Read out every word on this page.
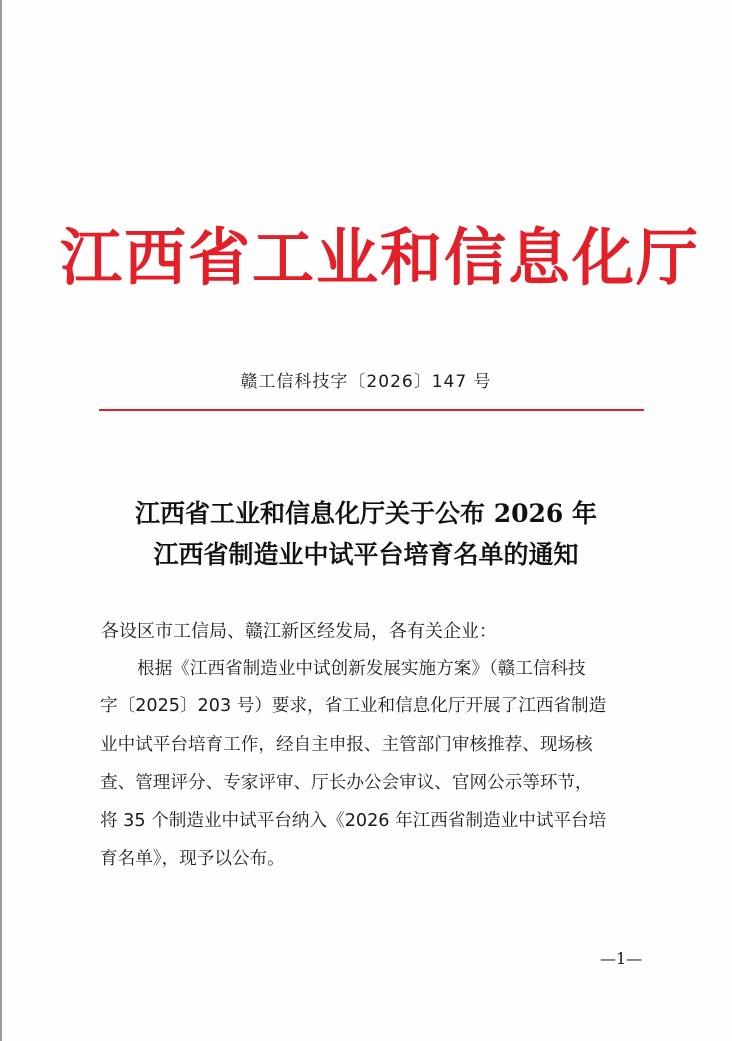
江西省工业和信息化厅
赣工信科技字〔2026〕147 号
江西省工业和信息化厅关于公布 2026 年
江西省制造业中试平台培育名单的通知
各设区市工信局、赣江新区经发局，各有关企业：
根据《江西省制造业中试创新发展实施方案》（赣工信科技
字〔2025〕203 号）要求，省工业和信息化厅开展了江西省制造
业中试平台培育工作，经自主申报、主管部门审核推荐、现场核
查、管理评分、专家评审、厅长办公会审议、官网公示等环节，
将 35 个制造业中试平台纳入《2026 年江西省制造业中试平台培
育名单》，现予以公布。
—1—
